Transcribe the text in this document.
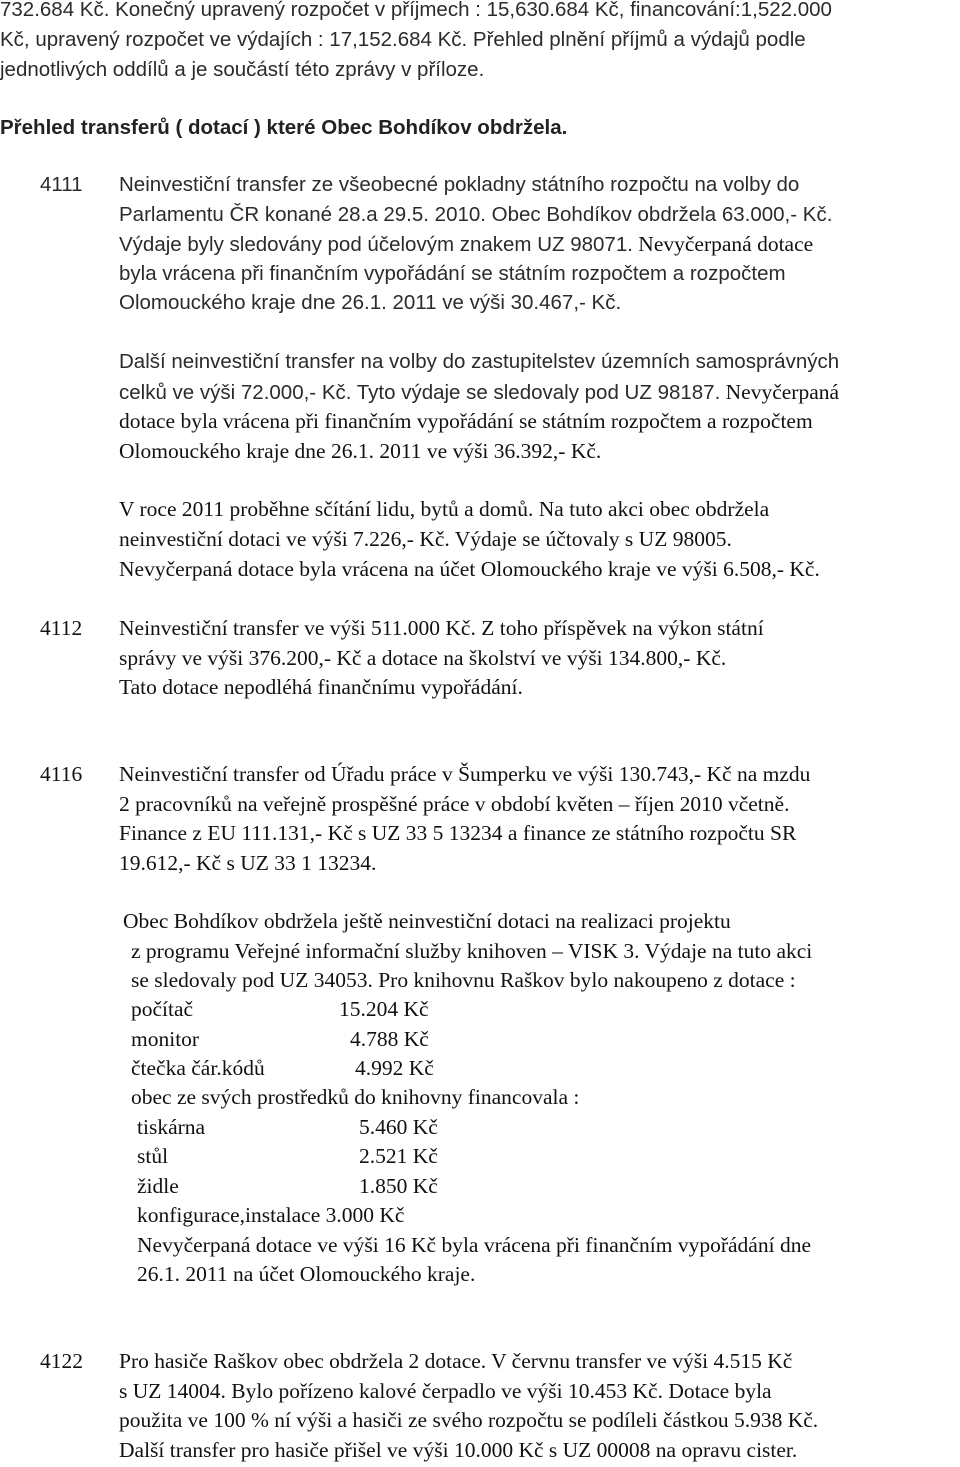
732.684 Kč. Konečný upravený rozpočet v příjmech : 15,630.684 Kč, financování:1,522.000
Kč, upravený rozpočet ve výdajích : 17,152.684 Kč. Přehled plnění příjmů a výdajů podle
jednotlivých oddílů a je součástí této zprávy v příloze.
Přehled transferů ( dotací ) které Obec Bohdíkov obdržela.
4111 Neinvestiční transfer ze všeobecné pokladny státního rozpočtu na volby do
Parlamentu ČR konané 28.a 29.5. 2010. Obec Bohdíkov obdržela 63.000,- Kč.
Výdaje byly sledovány pod účelovým znakem UZ 98071. Nevyčerpaná dotace
byla vrácena při finančním vypořádání se státním rozpočtem a rozpočtem
Olomouckého kraje dne 26.1. 2011 ve výši 30.467,- Kč.
Další neinvestiční transfer na volby do zastupitelstev územních samosprávných
celků ve výši 72.000,- Kč. Tyto výdaje se sledovaly pod UZ 98187. Nevyčerpaná
dotace byla vrácena při finančním vypořádání se státním rozpočtem a rozpočtem
Olomouckého kraje dne 26.1. 2011 ve výši 36.392,- Kč.
V roce 2011 proběhne sčítání lidu, bytů a domů. Na tuto akci obec obdržela
neinvestiční dotaci ve výši 7.226,- Kč. Výdaje se účtovaly s UZ 98005.
Nevyčerpaná dotace byla vrácena na účet Olomouckého kraje ve výši 6.508,- Kč.
4112 Neinvestiční transfer ve výši 511.000 Kč. Z toho příspěvek na výkon státní
správy ve výši 376.200,- Kč a dotace na školství ve výši 134.800,- Kč.
Tato dotace nepodléhá finančnímu vypořádání.
4116 Neinvestiční transfer od Úřadu práce v Šumperku ve výši 130.743,- Kč na mzdu
2 pracovníků na veřejně prospěšné práce v období květen – říjen 2010 včetně.
Finance z EU 111.131,- Kč s UZ 33 5 13234 a finance ze státního rozpočtu SR
19.612,- Kč s UZ 33 1 13234.
Obec Bohdíkov obdržela ještě neinvestiční dotaci na realizaci projektu
z programu Veřejné informační služby knihoven – VISK 3. Výdaje na tuto akci
se sledovaly pod UZ 34053. Pro knihovnu Raškov bylo nakoupeno z dotace :
počítač	15.204 Kč
monitor	4.788 Kč
čtečka čár.kódů	4.992 Kč
obec ze svých prostředků do knihovny financovala :
tiskárna	5.460 Kč
stůl	2.521 Kč
židle	1.850 Kč
konfigurace,instalace 3.000 Kč
Nevyčerpaná dotace ve výši 16 Kč byla vrácena při finančním vypořádání dne
26.1. 2011 na účet Olomouckého kraje.
4122 Pro hasiče Raškov obec obdržela 2 dotace. V červnu transfer ve výši 4.515 Kč
s UZ 14004. Bylo pořízeno kalové čerpadlo ve výši 10.453 Kč. Dotace byla
použita ve 100 % ní výši a hasiči ze svého rozpočtu se podíleli částkou 5.938 Kč.
Další transfer pro hasiče přišel ve výši 10.000 Kč s UZ 00008 na opravu cister.
